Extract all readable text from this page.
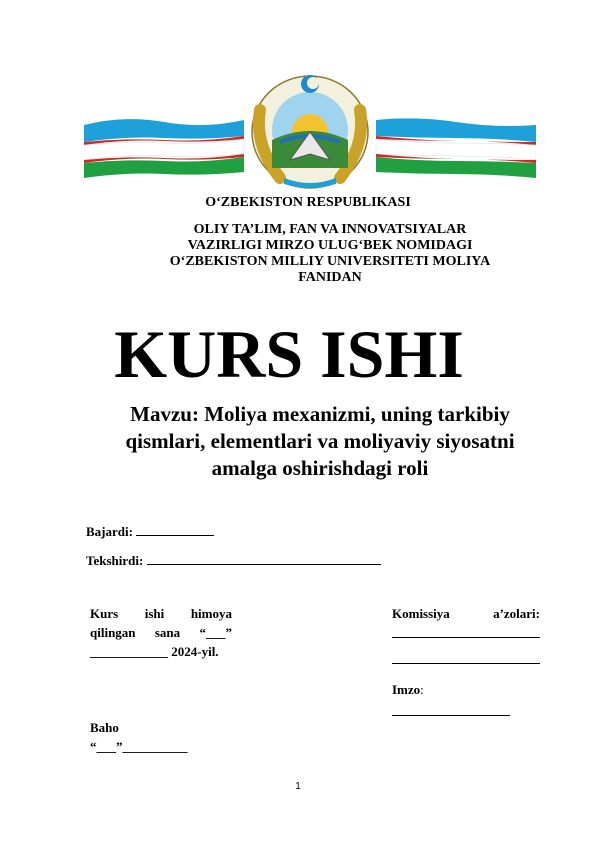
O‘ZBEKISTON RESPUBLIKASI
OLIY TA’LIM, FAN VA INNOVATSIYALAR
VAZIRLIGI MIRZO ULUG‘BEK NOMIDAGI
O‘ZBEKISTON MILLIY UNIVERSITETI MOLIYA
FANIDAN
KURS ISHI
Mavzu: Moliya mexanizmi, uning tarkibiy
qismlari, elementlari va moliyaviy siyosatni
amalga oshirishdagi roli
Bajardi:
Tekshirdi:
Kurs ishi himoya
qilingan sana “___”
____________ 2024-yil.
Baho
“___”__________
Komissiya	a’zolari:
Imzo:
1
